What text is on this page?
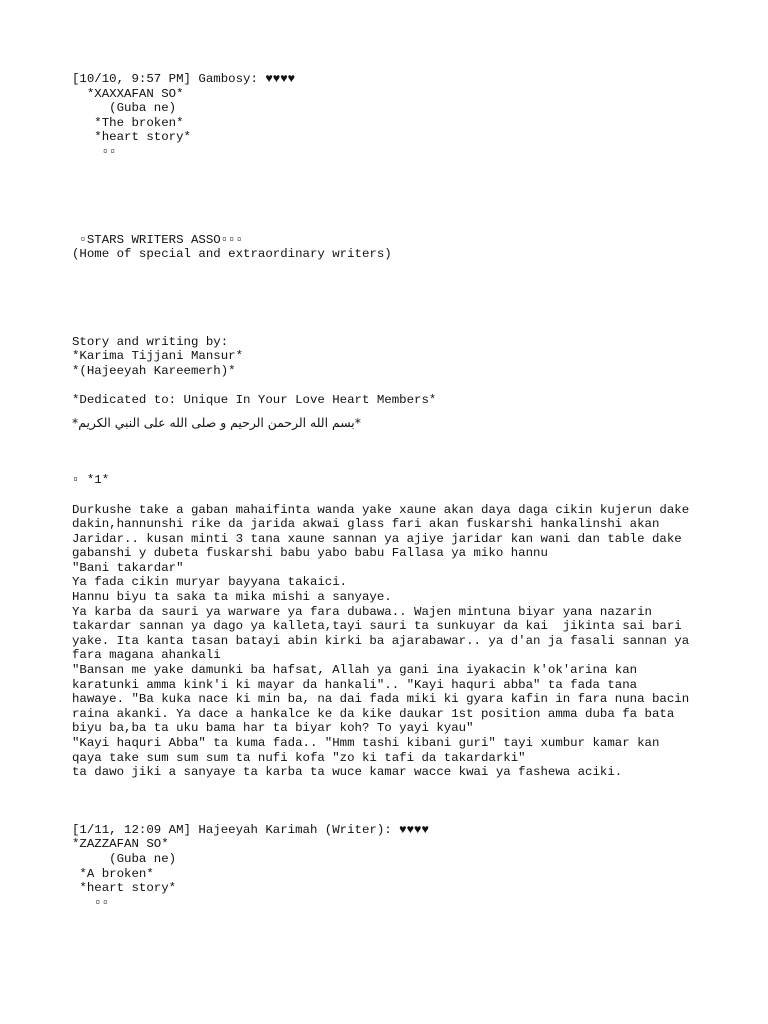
[10/10, 9:57 PM] Gambosy: ♥♥♥♥
*XAXXAFAN SO*
(Guba ne)
*The broken*
*heart story*
▫▫
▫STARS WRITERS ASSO▫▫▫
(Home of special and extraordinary writers)
Story and writing by:
*Karima Tijjani Mansur*
*(Hajeeyah Kareemerh)*
*Dedicated to: Unique In Your Love Heart Members*
*بسم الله الرحمن الرحيم و صلى الله على النبي الكريم*
▫ *1*
Durkushe take a gaban mahaifinta wanda yake xaune akan daya daga cikin kujerun dake
dakin,hannunshi rike da jarida akwai glass fari akan fuskarshi hankalinshi akan
Jaridar.. kusan minti 3 tana xaune sannan ya ajiye jaridar kan wani dan table dake
gabanshi y dubeta fuskarshi babu yabo babu Fallasa ya miko hannu
"Bani takardar"
Ya fada cikin muryar bayyana takaici.
Hannu biyu ta saka ta mika mishi a sanyaye.
Ya karba da sauri ya warware ya fara dubawa.. Wajen mintuna biyar yana nazarin
takardar sannan ya dago ya kalleta,tayi sauri ta sunkuyar da kai  jikinta sai bari
yake. Ita kanta tasan batayi abin kirki ba ajarabawar.. ya d'an ja fasali sannan ya
fara magana ahankali
"Bansan me yake damunki ba hafsat, Allah ya gani ina iyakacin k'ok'arina kan
karatunki amma kink'i ki mayar da hankali".. "Kayi haquri abba" ta fada tana
hawaye. "Ba kuka nace ki min ba, na dai fada miki ki gyara kafin in fara nuna bacin
raina akanki. Ya dace a hankalce ke da kike daukar 1st position amma duba fa bata
biyu ba,ba ta uku bama har ta biyar koh? To yayi kyau"
"Kayi haquri Abba" ta kuma fada.. "Hmm tashi kibani guri" tayi xumbur kamar kan
qaya take sum sum sum ta nufi kofa "zo ki tafi da takardarki"
ta dawo jiki a sanyaye ta karba ta wuce kamar wacce kwai ya fashewa aciki.
[1/11, 12:09 AM] Hajeeyah Karimah (Writer): ♥♥♥♥
*ZAZZAFAN SO*
(Guba ne)
*A broken*
*heart story*
▫▫
